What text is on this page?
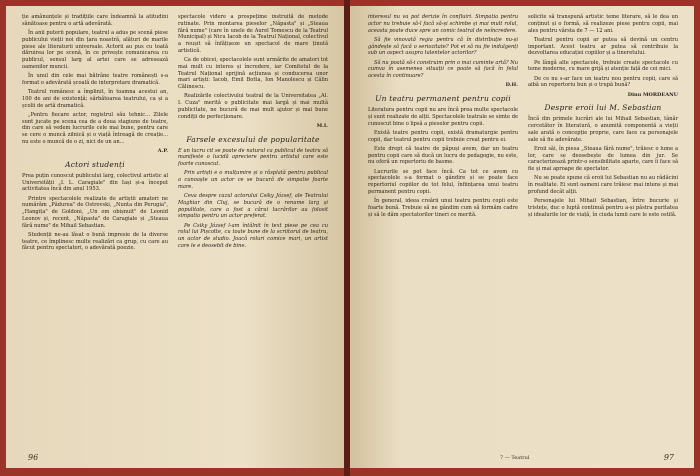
ție amănunțele și tradițiile care îndeamnă la atitudini sănătoase pentru o artă adevărată.

În anii puterii populare, teatrul a adus pe scenă piese publicului vieții noi din țara noastră, alături de marile piese ale literaturii universale. Actorii au pus cu toată dăruirea lor pe scenă, în ce privește comunicarea cu publicul, sensul larg al artei care se adresează oamenilor muncii.

În unul din cele mai bătrâne teatre românești s-a format o adevărată școală de interpretare dramatică.

Teatrul românesc a împlinit, în toamna acestui an, 100 de ani de existență; sărbătoarea teatrului, ca și a școlii de artă dramatică.

„Pentru fiecare actor, registrul său tehnic... Zilele sunt jucate pe scena cea de a doua stagiune de teatre, din care să vedem lucrurile cele mai bune, pentru care se cere o muncă zilnică și o viață întreagă de creație... nu este o muncă de o zi, nici de un an...

A.P.
Actori studenți

Prea puțin cunoscut publicului larg, colectivul artistic al Universității „I. L. Caragiale" din Iași și-a început activitatea încă din anul 1953.

Printre spectacolele realizate de artiștii amatori ne numărăm „Pădurea" de Ostrovski, „Nunta din Perugia", „Hangița" de Goldoni, „Un om obișnuit" de Leonid Leonov și, recent, „Năpasta" de Caragiale și „Steaua fără nume" de Mihail Sebastian.

Studenții ne-au lăsat o bună impresie de la diverse teatre, ce împlinesc multe realizări ca grup, cu care au făcut pentru spectatori, o adevărată poezie.

spectacole videre a prospețime instruită de metode rutinate. Prin montarea pieselor „Năpasta" și „Steaua fără nume" (care în unele de Aurel Tomescu de la Teatrul Municipal) și Nicu Iacob de la Teatrul Național, colectivul a reușit să înfățișeze un spectacol de mare ținută artistică.

Ca de obicei, spectacolele sunt urmărite de amatori tot mai mult cu interes și încredere, iar Comitetul de la Teatrul Național sprijină acțiunea și conducerea unor mari artiști: Iacob, Emil Botta, Ion Manolescu și Călin Călinescu.

Realizările colectivului teatral de la Universitatea „Al. I. Cuza" merită o publicitate mai largă și mai multă publicitate, ne bucură de mai mult ajutor și mai bune condiții de perfecționare.

M.I.
Farsele excesului de popularitate

E un lucru cit se poate de natural ca publicul de teatru să manifeste o lucidă apreciere pentru artistul care este foarte cunoscut.

Prin artiști e o mulțumire și o răsplată pentru publicul a cunoaște un actor ce se bucură de simpatie foarte mare.

Ceva despre cazul actorului Csiky József, ale Teatrului Maghiar din Cluj, se bucură de o renume larg și populitate, care a fost a cărui lucrărilor au folosit simpatia pentru un actor preferat.

Pe Csiky József l-am întâlnit în text piese pe cea cu rolul lui Pișcotte, cu toate bune de la scriitorul de teatru, un actor de studio. Joacă roluri comice mari, un artist care le e deosebit de bine.

96

interesul nu va pot derizie în confluiri. Simpatia pentru actor nu trebuie să-l facă să-și schimbe și mai mult rolul, aceasta poate duce spre un comic teatral de neîncredere.

Să fie vinovată regia pentru că în distribuție nu-și gândește să facă o seriozitate? Pot ei să nu fie indulgenți sub un aspect asupra talentelor actorilor?

Să nu poată să-i construim prin o mai cuminte artă? Nu cumva în asemenea situații ce poate să facă în felul acesta în continuare?

D.H.
Un teatru permanent pentru copii

Literatura pentru copii nu are încă prea multe spectacole și sunt realizate de alții. Spectacolele teatrale se simte de cunoscut bine o lipsă a pieselor pentru copii.

Există teatre pentru copii, există dramaturgie pentru copii, dar teatrul pentru copii trebuie creat pentru ei.

Este drept că teatre de păpuși avem, dar un teatru pentru copii care să ducă un lucru de pedagogie, nu este, nu oferă un repertoriu de basme.

Lucrurile se pot face încă. Ca tot ce avem cu spectacolele s-a format o gândire și se poate face repertoriul copiilor de tot felul, înființarea unui teatru permanent pentru copii.

În general, ideea creării unui teatru pentru copii este foarte bună. Trebuie să ne gândim cum să formăm cadre și să le dăm spectatorilor tineri ce merită.

solicite să transpună artistic teme literare, să le dea un conținut și o formă, să realizeze piese pentru copii, mai ales pentru vârsta de 7 — 12 ani.

Teatrul pentru copii ar putea să devină un centru important. Acest teatru ar putea să contribuie la dezvoltarea educației copiilor și a tineretului.

Pe lângă alte spectacole, trebuie create spectacole cu teme moderne, cu mare grijă și atenție față de cei mici.

De ce nu s-ar face un teatru nou pentru copii, care să aibă un repertoriu bun și o trupă bună?

Dinu MORDEANU
Despre eroii lui M. Sebastian

Încă din primele lucrări ale lui Mihail Sebastian, tânăr cercetător în literatură, o anumită componentă a vieții sale arată o concepție proprie, care face ca personajele sale să fie adevărate.

Eroii săi, în piesa „Steaua fără nume", trăiesc o lume a lor, care se deosebește de lumea din jur. Se caracterizează printr-o sensibilitate aparte, care îi face să fie și mai aproape de spectator.

Nu se poate spune că eroii lui Sebastian nu au rădăcini în realitate. Ei sunt oameni care trăiesc mai intens și mai profund decât alții.

Personajele lui Mihail Sebastian, între bucurie și tristețe, duc o luptă continuă pentru a-și păstra puritatea și idealurile lor de viață, în ciuda lumii care le este ostilă.

7 — Teatrul	97
